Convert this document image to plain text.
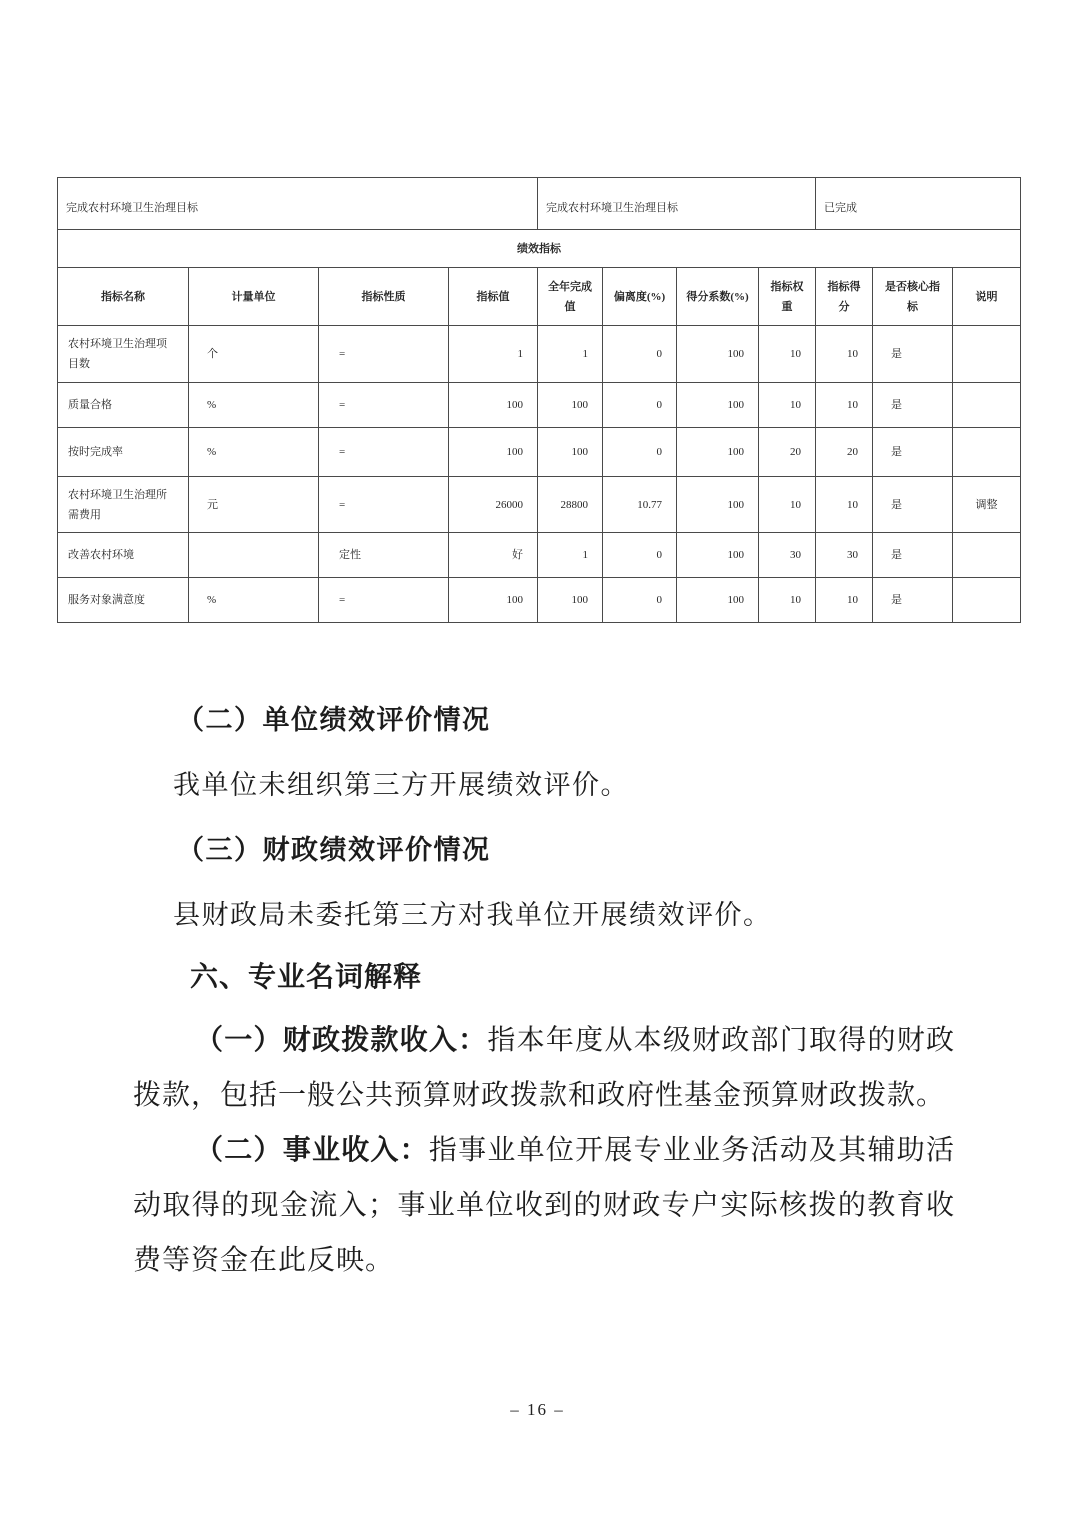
完成农村环境卫生治理目标				完成农村环境卫生治理目标				已完成		
绩效指标										
指标名称	计量单位	指标性质	指标值	全年完成值	偏离度(%)	得分系数(%)	指标权重	指标得分	是否核心指标	说明
农村环境卫生治理项目数	个	=	1	1	0	100	10	10	是	
质量合格	%	=	100	100	0	100	10	10	是	
按时完成率	%	=	100	100	0	100	20	20	是	
农村环境卫生治理所需费用	元	=	26000	28800	10.77	100	10	10	是	调整
改善农村环境		定性	好	1	0	100	30	30	是	
服务对象满意度	%	=	100	100	0	100	10	10	是	
（二）单位绩效评价情况
我单位未组织第三方开展绩效评价。
（三）财政绩效评价情况
县财政局未委托第三方对我单位开展绩效评价。
六、专业名词解释

（一）财政拨款收入：指本年度从本级财政部门取得的财政拨款，包括一般公共预算财政拨款和政府性基金预算财政拨款。

（二）事业收入：指事业单位开展专业业务活动及其辅助活动取得的现金流入；事业单位收到的财政专户实际核拨的教育收费等资金在此反映。

– 16 –
